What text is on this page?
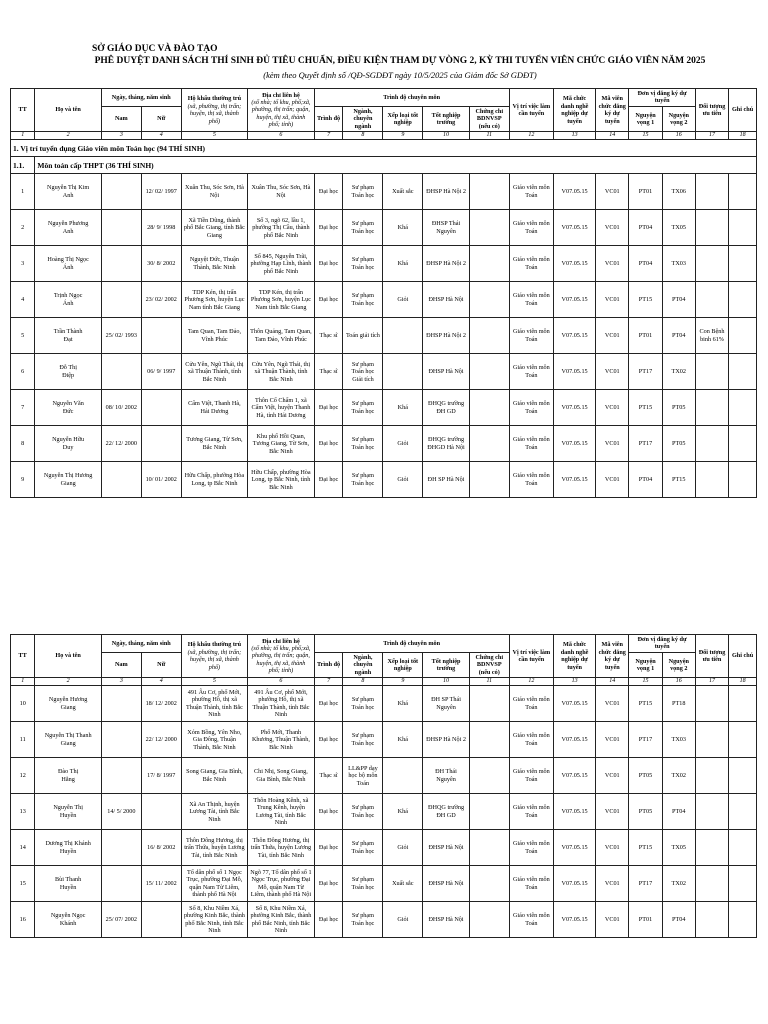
SỞ GIÁO DỤC VÀ ĐÀO TẠO
PHÊ DUYỆT DANH SÁCH THÍ SINH ĐỦ TIÊU CHUẨN, ĐIỀU KIỆN THAM DỰ VÒNG 2, KỲ THI TUYỂN VIÊN CHỨC GIÁO VIÊN NĂM 2025
(kèm theo Quyết định số /QĐ-SGDĐT ngày 10/5/2025 của Giám đốc Sở GDĐT)
TT	Họ và tên	Ngày, tháng, năm sinh		Hộ khẩu thường trú
(xã, phường, thị trấn; huyện, thị xã, thành phố)	Địa chỉ liên hệ
(số nhà; tổ khu, phố;xã, phường, thị trấn; quận, huyện, thị xã, thành phố; tỉnh)	Trình độ chuyên môn					Vị trí việc làm cần tuyển	Mã chức danh nghề nghiệp dự tuyển	Mã viên chức đăng ký dự tuyển	Đơn vị đăng ký dự tuyển		Đối tượng ưu tiên	Ghi chú
		Nam	Nữ			Trình độ	Ngành, chuyên ngành	Xếp loại tốt nghiệp	Tốt nghiệp trường	Chứng chỉ BDNVSP (nếu có)				Nguyện vọng 1	Nguyện vọng 2		
1	2	3	4	5	6	7	8	9	10	11	12	13	14	15	16	17	18
1. Vị trí tuyển dụng Giáo viên môn Toán học (94 THÍ SINH)																	
1.1.	Môn toán cấp THPT (36 THÍ SINH)																
1	Nguyễn Thị KimAnh		12/ 02/ 1997	Xuân Thu, Sóc Sơn, Hà Nội	Xuân Thu, Sóc Sơn, Hà Nội	Đại học	Sư phạm Toán học	Xuất sắc	ĐHSP Hà Nội 2		Giáo viên môn Toán	V07.05.15	VC01	PT01	TX06		
2	Nguyễn PhươngAnh		28/ 9/ 1998	Xã Tiền Dũng, thành phố Bắc Giang, tỉnh Bắc Giang	Số 3, ngõ 62, lầu 1, phường Thị Cầu, thành phố Bắc Ninh	Đại học	Sư phạm Toán học	Khá	ĐHSP Thái Nguyên		Giáo viên môn Toán	V07.05.15	VC01	PT04	TX05		
3	Hoàng Thị NgọcÁnh		30/ 8/ 2002	Nguyệt Đức, Thuận Thành, Bắc Ninh	Số 845, Nguyễn Trãi, phường Hạp Lĩnh, thành phố Bắc Ninh	Đại học	Sư phạm Toán học	Khá	ĐHSP Hà Nội 2		Giáo viên môn Toán	V07.05.15	VC01	PT04	TX03		
4	Trịnh NgọcÁnh		23/ 02/ 2002	TDP Kén, thị trấn Phương Sơn, huyện Lục Nam tỉnh Bắc Giang	TDP Kén, thị trấn Phương Sơn, huyện Lục Nam tỉnh Bắc Giang	Đại học	Sư phạm Toán học	Giỏi	ĐHSP Hà Nội		Giáo viên môn Toán	V07.05.15	VC01	PT15	PT04		
5	Trần ThànhĐạt	25/ 02/ 1993		Tam Quan, Tam Đảo, Vĩnh Phúc	Thôn Quảng, Tam Quan, Tam Đảo, Vĩnh Phúc	Thạc sĩ	Toán giải tích		ĐHSP Hà Nội 2		Giáo viên môn Toán	V07.05.15	VC01	PT01	PT04	Con Bệnh binh 61%	
6	Đỗ ThịĐiệp		06/ 9/ 1997	Cửu Yên, Ngũ Thái, thị xã Thuận Thành, tỉnh Bắc Ninh	Cửu Yên, Ngũ Thái, thị xã Thuận Thành, tỉnh Bắc Ninh	Thạc sĩ	Sư phạm Toán học Giải tích		ĐHSP Hà Nội		Giáo viên môn Toán	V07.05.15	VC01	PT17	TX02		
7	Nguyễn VănĐức	08/ 10/ 2002		Cẩm Việt, Thanh Hà, Hải Dương	Thôn Cổ Chẩm 1, xã Cẩm Việt, huyện Thanh Hà, tỉnh Hải Dương	Đại học	Sư phạm Toán học	Khá	ĐHQG trường ĐH GD		Giáo viên môn Toán	V07.05.15	VC01	PT15	PT05		
8	Nguyễn HữuDuy	22/ 12/ 2000		Tương Giang, Từ Sơn, Bắc Ninh	Khu phố Hồi Quan, Tương Giang, Từ Sơn, Bắc Ninh	Đại học	Sư phạm Toán học	Giỏi	ĐHQG trường ĐHGD Hà Nội		Giáo viên môn Toán	V07.05.15	VC01	PT17	PT05		
9	Nguyễn Thị HươngGiang		10/ 01/ 2002	Hữu Chấp, phường Hòa Long, tp Bắc Ninh	Hữu Chấp, phường Hòa Long, tp Bắc Ninh, tỉnh Bắc Ninh	Đại học	Sư phạm Toán học	Giỏi	ĐH SP Hà Nội		Giáo viên môn Toán	V07.05.15	VC01	PT04	PT15		
TT	Họ và tên	Ngày, tháng, năm sinh		Hộ khẩu thường trú
(xã, phường, thị trấn; huyện, thị xã, thành phố)	Địa chỉ liên hệ
(số nhà; tổ khu, phố;xã, phường, thị trấn; quận, huyện, thị xã, thành phố; tỉnh)	Trình độ chuyên môn					Vị trí việc làm cần tuyển	Mã chức danh nghề nghiệp dự tuyển	Mã viên chức đăng ký dự tuyển	Đơn vị đăng ký dự tuyển		Đối tượng ưu tiên	Ghi chú
		Nam	Nữ			Trình độ	Ngành, chuyên ngành	Xếp loại tốt nghiệp	Tốt nghiệp trường	Chứng chỉ BDNVSP (nếu có)				Nguyện vọng 1	Nguyện vọng 2		
1	2	3	4	5	6	7	8	9	10	11	12	13	14	15	16	17	18
10	Nguyễn HươngGiang		18/ 12/ 2002	491 Âu Cơ, phố Mới, phường Hồ, thị xã Thuận Thành, tỉnh Bắc Ninh	491 Âu Cơ, phố Mới, phường Hồ, thị xã Thuận Thành, tỉnh Bắc Ninh	Đại học	Sư phạm Toán học	Khá	ĐH SP Thái Nguyên		Giáo viên môn Toán	V07.05.15	VC01	PT15	PT18		
11	Nguyễn Thị ThanhGiang		22/ 12/ 2000	Xóm Bồng, Yên Nho, Gia Đông, Thuận Thành, Bắc Ninh	Phố Mới, Thanh Khương, Thuận Thành, Bắc Ninh	Đại học	Sư phạm Toán học	Khá	ĐHSP Hà Nội 2		Giáo viên môn Toán	V07.05.15	VC01	PT17	TX03		
12	Đào ThịHằng		17/ 8/ 1997	Song Giang, Gia Bình, Bắc Ninh	Chi Nhị, Song Giang, Gia Bình, Bắc Ninh	Thạc sĩ	LL&PP dạy học bộ môn Toán		ĐH Thái Nguyên		Giáo viên môn Toán	V07.05.15	VC01	PT05	TX02		
13	Nguyễn ThịHuyền	14/ 5/ 2000		Xã An Thịnh, huyện Lương Tài, tỉnh Bắc Ninh	Thôn Hoàng Kênh, xã Trung Kênh, huyện Lương Tài, tỉnh Bắc Ninh	Đại học	Sư phạm Toán học	Khá	ĐHQG trường ĐH GD		Giáo viên môn Toán	V07.05.15	VC01	PT05	PT04		
14	Dương Thị KhánhHuyền		16/ 8/ 2002	Thôn Đông Hương, thị trấn Thứa, huyện Lương Tài, tỉnh Bắc Ninh	Thôn Đông Hương, thị trấn Thứa, huyện Lương Tài, tỉnh Bắc Ninh	Đại học	Sư phạm Toán học	Giỏi	ĐHSP Hà Nội		Giáo viên môn Toán	V07.05.15	VC01	PT15	TX05		
15	Bùi ThanhHuyền		15/ 11/ 2002	Tổ dân phố số 1 Ngọc Trục, phường Đại Mỗ, quận Nam Từ Liêm, thành phố Hà Nội	Ngõ 77, Tổ dân phố số 1 Ngọc Trục, phường Đại Mỗ, quận Nam Từ Liêm, thành phố Hà Nội	Đại học	Sư phạm Toán học	Xuất sắc	ĐHSP Hà Nội		Giáo viên môn Toán	V07.05.15	VC01	PT17	TX02		
16	Nguyễn NgọcKhánh	25/ 07/ 2002		Số 8, Khu Niềm Xá, phường Kinh Bắc, thành phố Bắc Ninh, tỉnh Bắc Ninh	Số 8, Khu Niềm Xá, phường Kinh Bắc, thành phố Bắc Ninh, tỉnh Bắc Ninh	Đại học	Sư phạm Toán học	Giỏi	ĐHSP Hà Nội		Giáo viên môn Toán	V07.05.15	VC01	PT01	PT04		
